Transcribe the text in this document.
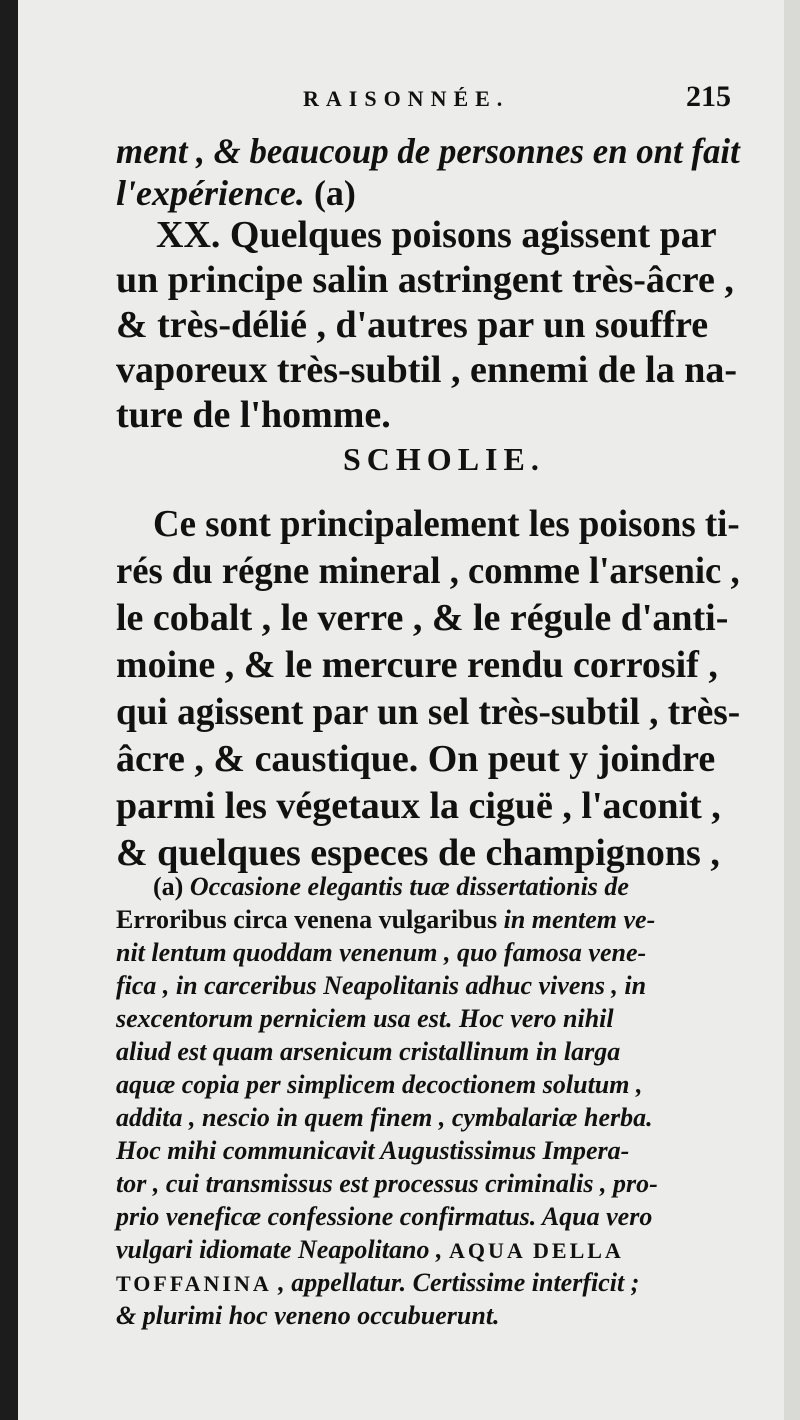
RAISONNÉE.	215
ment , & beaucoup de personnes en ont fait
l'expérience. (a)
XX. Quelques poisons agissent par
un principe salin astringent très-âcre ,
& très-délié , d'autres par un souffre
vaporeux très-subtil , ennemi de la na-
ture de l'homme.
SCHOLIE.
Ce sont principalement les poisons ti-
rés du régne mineral , comme l'arsenic ,
le cobalt , le verre , & le régule d'anti-
moine , & le mercure rendu corrosif ,
qui agissent par un sel très-subtil , très-
âcre , & caustique. On peut y joindre
parmi les végetaux la ciguë , l'aconit ,
& quelques especes de champignons ,
(a) Occasione elegantis tuæ dissertationis de
Erroribus circa venena vulgaribus in mentem ve-
nit lentum quoddam venenum , quo famosa vene-
fica , in carceribus Neapolitanis adhuc vivens , in
sexcentorum perniciem usa est. Hoc vero nihil
aliud est quam arsenicum cristallinum in larga
aquæ copia per simplicem decoctionem solutum ,
addita , nescio in quem finem , cymbalariæ herba.
Hoc mihi communicavit Augustissimus Impera-
tor , cui transmissus est processus criminalis , pro-
prio veneficæ confessione confirmatus. Aqua vero
vulgari idiomate Neapolitano , AQUA DELLA
TOFFANINA , appellatur. Certissime interficit ;
& plurimi hoc veneno occubuerunt.
